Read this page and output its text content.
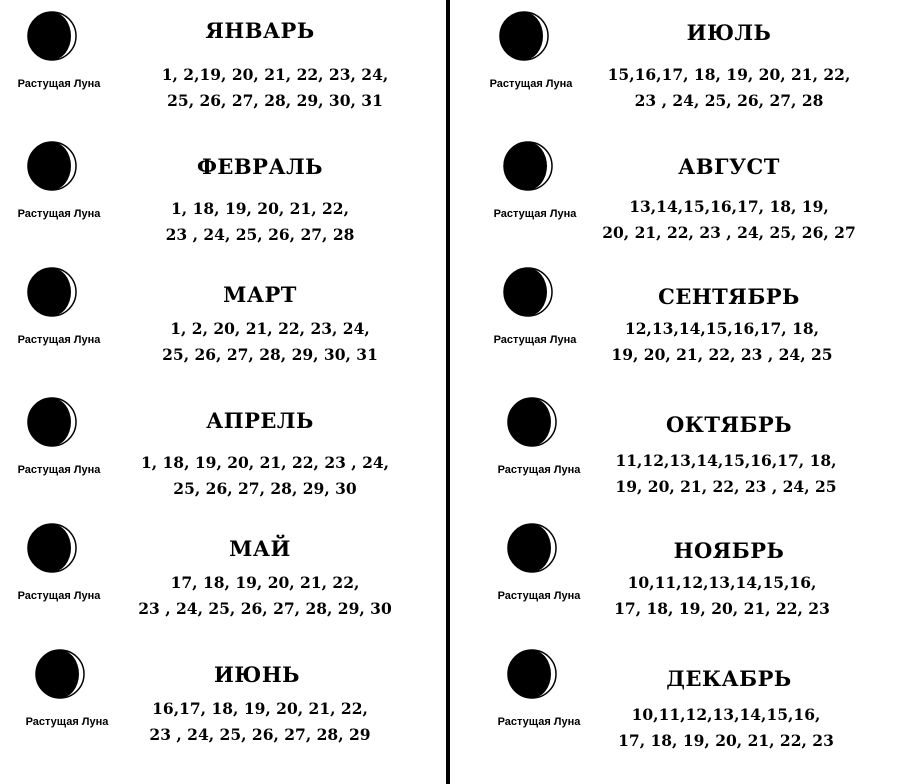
Растущая Луна
ЯНВАРЬ
1, 2,19, 20, 21, 22, 23, 24,
25, 26, 27, 28, 29, 30, 31
Растущая Луна
ФЕВРАЛЬ
1, 18, 19, 20, 21, 22,
23 , 24, 25, 26, 27, 28
Растущая Луна
МАРТ
1, 2, 20, 21, 22, 23, 24,
25, 26, 27, 28, 29, 30, 31
Растущая Луна
АПРЕЛЬ
1, 18, 19, 20, 21, 22, 23 , 24,
25, 26, 27, 28, 29, 30
Растущая Луна
МАЙ
17, 18, 19, 20, 21, 22,
23 , 24, 25, 26, 27, 28, 29, 30
Растущая Луна
ИЮНЬ
16,17, 18, 19, 20, 21, 22,
23 , 24, 25, 26, 27, 28, 29
Растущая Луна
ИЮЛЬ
15,16,17, 18, 19, 20, 21, 22,
23 , 24, 25, 26, 27, 28
Растущая Луна
АВГУСТ
13,14,15,16,17, 18, 19,
20, 21, 22, 23 , 24, 25, 26, 27
Растущая Луна
СЕНТЯБРЬ
12,13,14,15,16,17, 18,
19, 20, 21, 22, 23 , 24, 25
Растущая Луна
ОКТЯБРЬ
11,12,13,14,15,16,17, 18,
19, 20, 21, 22, 23 , 24, 25
Растущая Луна
НОЯБРЬ
10,11,12,13,14,15,16,
17, 18, 19, 20, 21, 22, 23
Растущая Луна
ДЕКАБРЬ
10,11,12,13,14,15,16,
17, 18, 19, 20, 21, 22, 23
